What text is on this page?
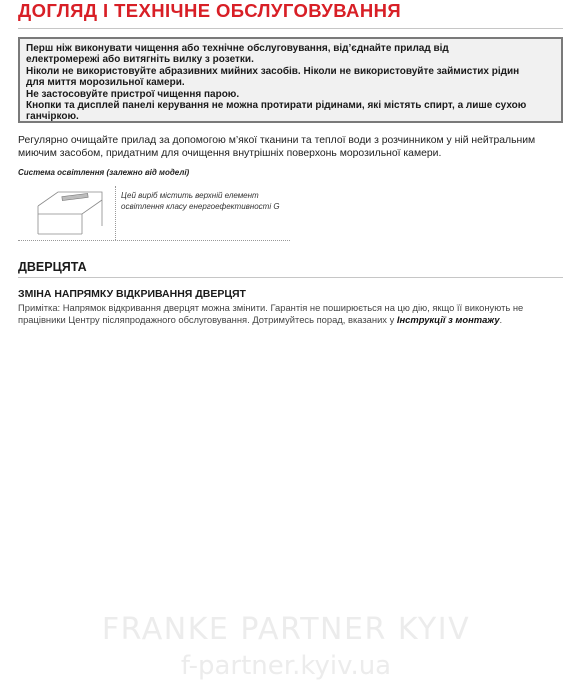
ДОГЛЯД І ТЕХНІЧНЕ ОБСЛУГОВУВАННЯ
Перш ніж виконувати чищення або технічне обслуговування, від’єднайте прилад від
електромережі або витягніть вилку з розетки.
Ніколи не використовуйте абразивних мийних засобів. Ніколи не використовуйте займистих рідин
для миття морозильної камери.
Не застосовуйте пристрої чищення парою.
Кнопки та дисплей панелі керування не можна протирати рідинами, які містять спирт, а лише сухою
ганчіркою.
Регулярно очищайте прилад за допомогою м’якої тканини та теплої води з розчинником у ній нейтральним
миючим засобом, придатним для очищення внутрішніх поверхонь морозильної камери.
Система освітлення (залежно від моделі)
Цей виріб містить верхній елемент
освітлення класу енергоефективності G
ДВЕРЦЯТА
ЗМІНА НАПРЯМКУ ВІДКРИВАННЯ ДВЕРЦЯТ
Примітка: Напрямок відкривання дверцят можна змінити. Гарантія не поширюється на цю дію, якщо її виконують не
працівники Центру післяпродажного обслуговування. Дотримуйтесь порад, вказаних у Інструкції з монтажу.
FRANKE PARTNER KYIV
f-partner.kyiv.ua
